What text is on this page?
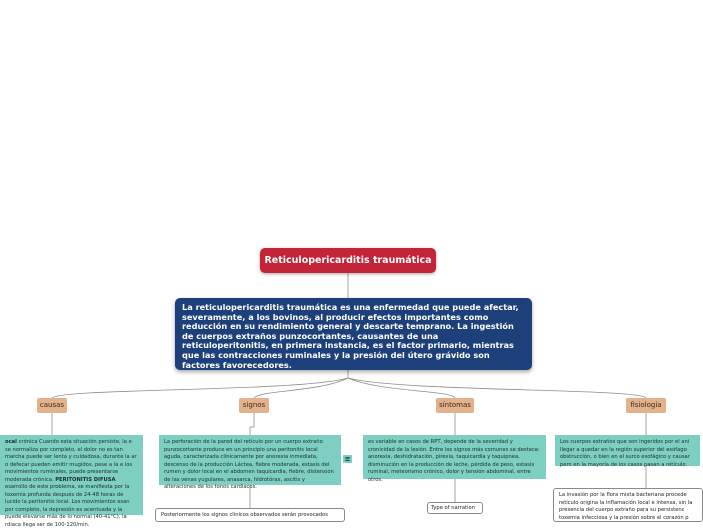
Reticulopericarditis traumática
La reticulopericarditis traumática es una enfermedad que puede afectar, severamente, a los bovinos, al producir efectos importantes como reducción en su rendimiento general y descarte temprano. La ingestión de cuerpos extraños punzocortantes, causantes de una reticuloperitonitis, en primera instancia, es el factor primario, mientras que las contracciones ruminales y la presión del útero grávido son factores favorecedores.
causas	signos	síntomas	fisiología
ocal crónica Cuando esta situación persiste, la e se normaliza por completo, el dolor no es tan marcha puede ser lenta y cuidadosa, durante la ar o defecar pueden emitir mugidos, pese a la e los movimientos ruminales, puede presentarse moderada crónica. PERITONITIS DIFUSA esarrollo de este problema, se manifiesta por la toxemia profunda después de 24-48 horas de lucido la peritonitis local. Los movimientos esan por completo, la depresión es acentuada y la puede elevarse más de lo normal (40-41°C), la rdiaca llega ser de 100-120/min.
La perforación de la pared del retículo por un cuerpo extraño punzocortante produce en un principio una peritonitis local aguda, caracterizada clínicamente por anorexia inmediata, descenso de la producción Láctea, fiebre moderada, estasis del rumen y dolor local en el abdomen taquicardia, fiebre, distensión de las venas yugulares, anasarca, hidrotórax, ascitis y alteraciones de los tonos cardiacos.
≡
Posteriormente los signos clínicos observados serán provocados
es variable en casos de RPT, depende de la severidad y cronicidad de la lesión. Entre los signos más comunes se destaca: anorexia, deshidratación, pirexia, taquicardia y taquipnea, disminución en la producción de leche, pérdida de peso, estasis ruminal, meteorismo crónico, dolor y tensión abdominal, entre otros.
Type of narration
Los cuerpos extraños que son ingeridos por el ani llegar a quedar en la región superior del esófago obstrucción, o bien en el surco esofágico y causar pero en la mayoría de los casos pasan a retículo.
La invasión por la flora mixta bacteriana procede retículo origina la inflamación local e intensa, sin la presencia del cuerpo extraño para su persistenc toxemia infecciosa y la presión sobre el corazón p
